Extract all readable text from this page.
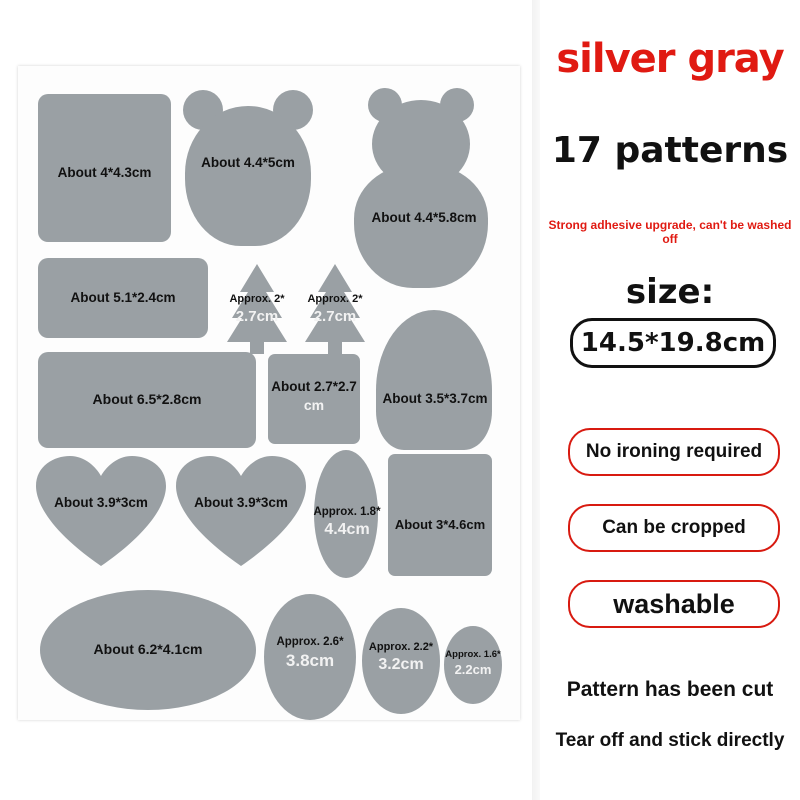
About 4*4.3cm
About 4.4*5cm
About 4.4*5.8cm
About 5.1*2.4cm	Approx. 2*
2.7cm
Approx. 2*
2.7cm
About 6.5*2.8cm
About 2.7*2.7
cm	About 3.5*3.7cm
About 3.9*3cm	About 3.9*3cm
Approx. 1.8*
4.4cm	About 3*4.6cm
About 6.2*4.1cm	Approx. 2.6*
3.8cm
Approx. 2.2*
3.2cm
Approx. 1.6*
2.2cm
silver gray
17 patterns
Strong adhesive upgrade, can't be washed off
size:
14.5*19.8cm
No ironing required
Can be cropped
washable
Pattern has been cut
Tear off and stick directly
